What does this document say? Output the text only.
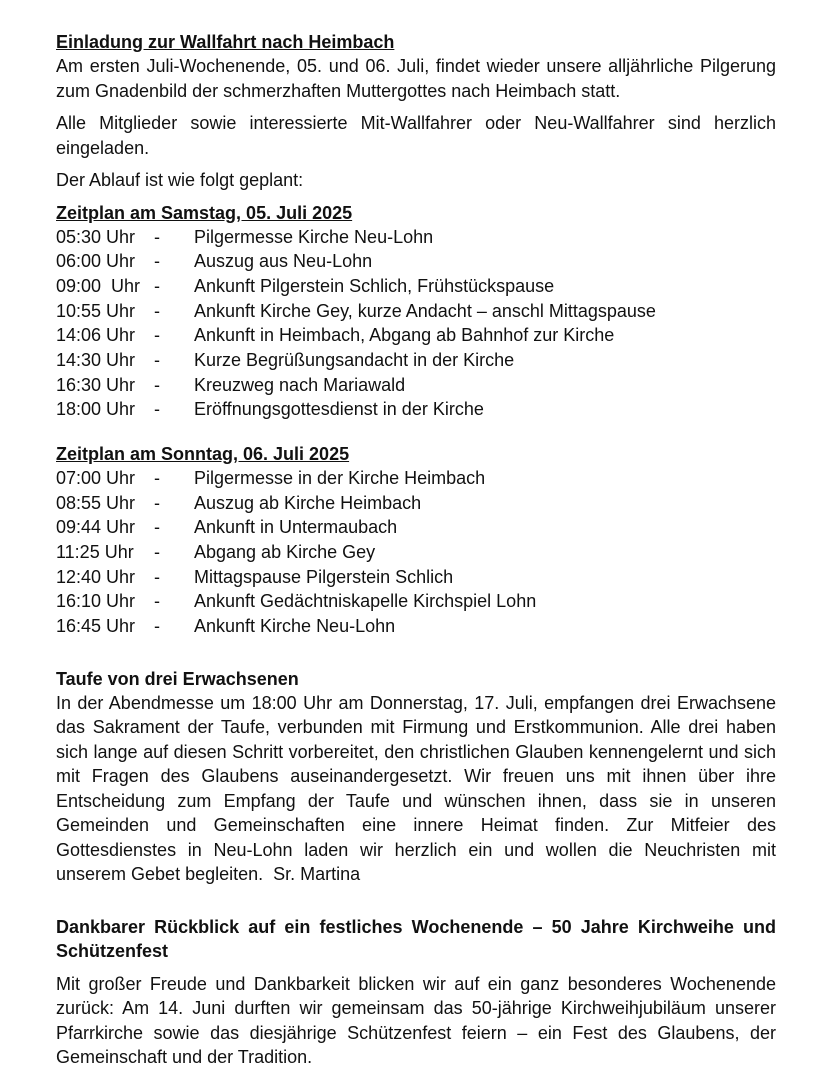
Einladung zur Wallfahrt nach Heimbach

Am ersten Juli-Wochenende, 05. und 06. Juli, findet wieder unsere alljährliche Pilgerung zum Gnadenbild der schmerzhaften Muttergottes nach Heimbach statt.

Alle Mitglieder sowie interessierte Mit-Wallfahrer oder Neu-Wallfahrer sind herzlich eingeladen.

Der Ablauf ist wie folgt geplant:

Zeitplan am Samstag, 05. Juli 2025

05:30 Uhr	-	Pilgermesse Kirche Neu-Lohn
06:00 Uhr	-	Auszug aus Neu-Lohn
09:00  Uhr -	Ankunft Pilgerstein Schlich, Frühstückspause
10:55 Uhr	-	Ankunft Kirche Gey, kurze Andacht – anschl Mittagspause
14:06 Uhr	-	Ankunft in Heimbach, Abgang ab Bahnhof zur Kirche
14:30 Uhr	-	Kurze Begrüßungsandacht in der Kirche
16:30 Uhr	-	Kreuzweg nach Mariawald
18:00 Uhr	-	Eröffnungsgottesdienst in der Kirche

Zeitplan am Sonntag, 06. Juli 2025

07:00 Uhr	-	Pilgermesse in der Kirche Heimbach
08:55 Uhr	-	Auszug ab Kirche Heimbach
09:44 Uhr	-	Ankunft in Untermaubach
11:25 Uhr	-	Abgang ab Kirche Gey
12:40 Uhr	-	Mittagspause Pilgerstein Schlich
16:10 Uhr	-	Ankunft Gedächtniskapelle Kirchspiel Lohn
16:45 Uhr	-	Ankunft Kirche Neu-Lohn

Taufe von drei Erwachsenen

In der Abendmesse um 18:00 Uhr am Donnerstag, 17. Juli, empfangen drei Erwachsene das Sakrament der Taufe, verbunden mit Firmung und Erstkommunion. Alle drei haben sich lange auf diesen Schritt vorbereitet, den christlichen Glauben kennengelernt und sich mit Fragen des Glaubens auseinandergesetzt. Wir freuen uns mit ihnen über ihre Entscheidung zum Empfang der Taufe und wünschen ihnen, dass sie in unseren Gemeinden und Gemeinschaften eine innere Heimat finden. Zur Mitfeier des Gottesdienstes in Neu-Lohn laden wir herzlich ein und wollen die Neuchristen mit unserem Gebet begleiten. Sr. Martina

Dankbarer Rückblick auf ein festliches Wochenende – 50 Jahre Kirchweihe und Schützenfest

Mit großer Freude und Dankbarkeit blicken wir auf ein ganz besonderes Wochenende zurück: Am 14. Juni durften wir gemeinsam das 50-jährige Kirchweihjubiläum unserer Pfarrkirche sowie das diesjährige Schützenfest feiern – ein Fest des Glaubens, der Gemeinschaft und der Tradition.
